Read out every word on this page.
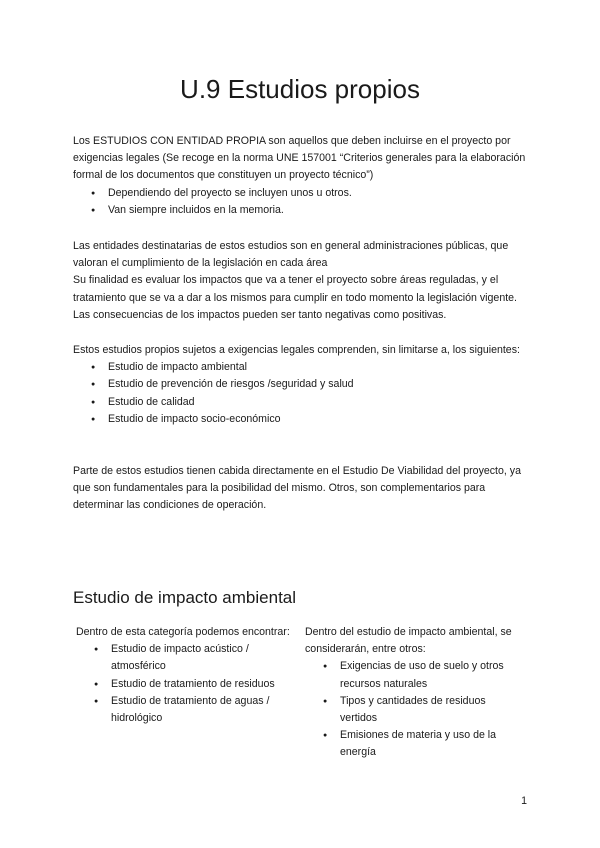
U.9 Estudios propios

Los ESTUDIOS CON ENTIDAD PROPIA son aquellos que deben incluirse en el proyecto por exigencias legales (Se recoge en la norma UNE 157001 “Criterios generales para la elaboración formal de los documentos que constituyen un proyecto técnico”)

● Dependiendo del proyecto se incluyen unos u otros.
● Van siempre incluidos en la memoria.

Las entidades destinatarias de estos estudios son en general administraciones públicas, que valoran el cumplimiento de la legislación en cada área

Su finalidad es evaluar los impactos que va a tener el proyecto sobre áreas reguladas, y el tratamiento que se va a dar a los mismos para cumplir en todo momento la legislación vigente. Las consecuencias de los impactos pueden ser tanto negativas como positivas.

Estos estudios propios sujetos a exigencias legales comprenden, sin limitarse a, los siguientes:

● Estudio de impacto ambiental
● Estudio de prevención de riesgos /seguridad y salud
● Estudio de calidad
● Estudio de impacto socio-económico

Parte de estos estudios tienen cabida directamente en el Estudio De Viabilidad del proyecto, ya que son fundamentales para la posibilidad del mismo. Otros, son complementarios para determinar las condiciones de operación.

Estudio de impacto ambiental

Dentro de esta categoría podemos encontrar:

● Estudio de impacto acústico / atmosférico
● Estudio de tratamiento de residuos
● Estudio de tratamiento de aguas / hidrológico

Dentro del estudio de impacto ambiental, se considerarán, entre otros:

● Exigencias de uso de suelo y otros recursos naturales
● Tipos y cantidades de residuos vertidos
● Emisiones de materia y uso de la energía
1
